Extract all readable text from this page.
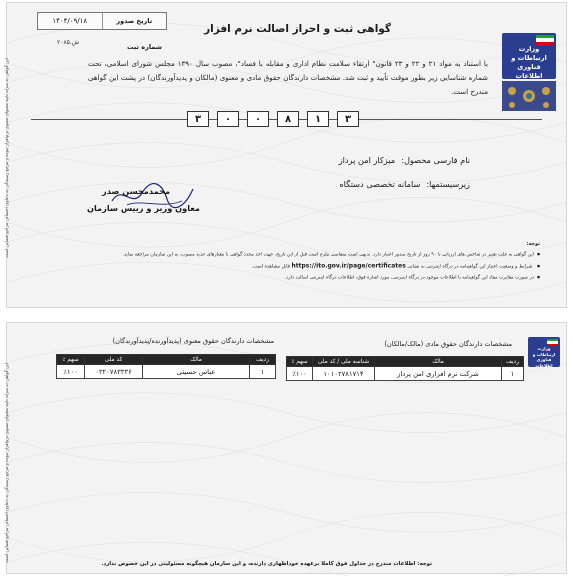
این گواهی به منزله تایید محتوای معنوی نرم‌افزار نبوده و مرجع رسیدگی به دعاوی احتمالی مراجع قضایی است
وزارت ارتباطات و فناوری اطلاعات
۱۴۰۴/۰۹/۱۸	تاریخ صدور
ش.۲۰۸۵
شماره ثبت
گواهی ثبت و احراز اصالت نرم افزار
با استناد به مواد ۲۱ و ۲۲ و ۲۳ قانون" ارتقاء سلامت نظام اداری و مقابله با فساد"، مصوب سال ۱۳۹۰ مجلس شورای اسلامی، تحت شماره شناسایی زیر بطور موقت تأیید و ثبت شد. مشخصات دارندگان حقوق مادی و معنوی (مالکان و پدیدآورندگان) در پشت این گواهی مندرج است.
۳	۰	۰	۸	۱	۳
نام فارسی محصول:
میزکار امن پرداز
زیرسیستمها:
سامانه تخصصی دستگاه
محمدمحسن صدر
معاون وزیر و رییس سازمان
توجه:
● این گواهی به علت تغییر در شاخص های ارزیابی تا ۹۰ روز از تاریخ صدور اعتبار دارد. بدیهی است متقاضی ملزم است قبل از این تاریخ، جهت اخذ مجدد گواهی با معیارهای جدید مصوب، به این سازمان مراجعه نماید.
● شرایط و وضعیت اعتبار این گواهینامه در درگاه اینترنتی به نشانی https://ito.gov.ir/page/certificates قابل مشاهده است.
● در صورت مغایرت مفاد این گواهینامه با اطلاعات موجود در درگاه اینترنتی، مورد اشاره فوق، اطلاعات درگاه اینترنتی اصالت دارد.
این گواهی به منزله تایید محتوای معنوی نرم‌افزار نبوده و مرجع رسیدگی به دعاوی احتمالی مراجع قضایی است
وزارت ارتباطات و فناوری اطلاعات
مشخصات دارندگان حقوق مادی (مالک/مالکان)
ردیف	مالک	شناسه ملی / کد ملی	سهم ٪
۱	شرکت نرم افزاری امن پرداز	۱۰۱۰۲۷۸۱۷۱۴	٪۱۰۰
مشخصات دارندگان حقوق معنوی (پدیدآورنده/پدیدآورندگان)
ردیف	مالک	کد ملی	سهم ٪
۱	عباس حسینی	۰۳۲۰۷۸۳۳۳۶	٪۱۰۰
توجه: اطلاعات مندرج در جداول فوق کاملا برعهده خوداظهاری دارنده، و این سازمان هیچگونه مسئولیتی در این خصوص ندارد.
